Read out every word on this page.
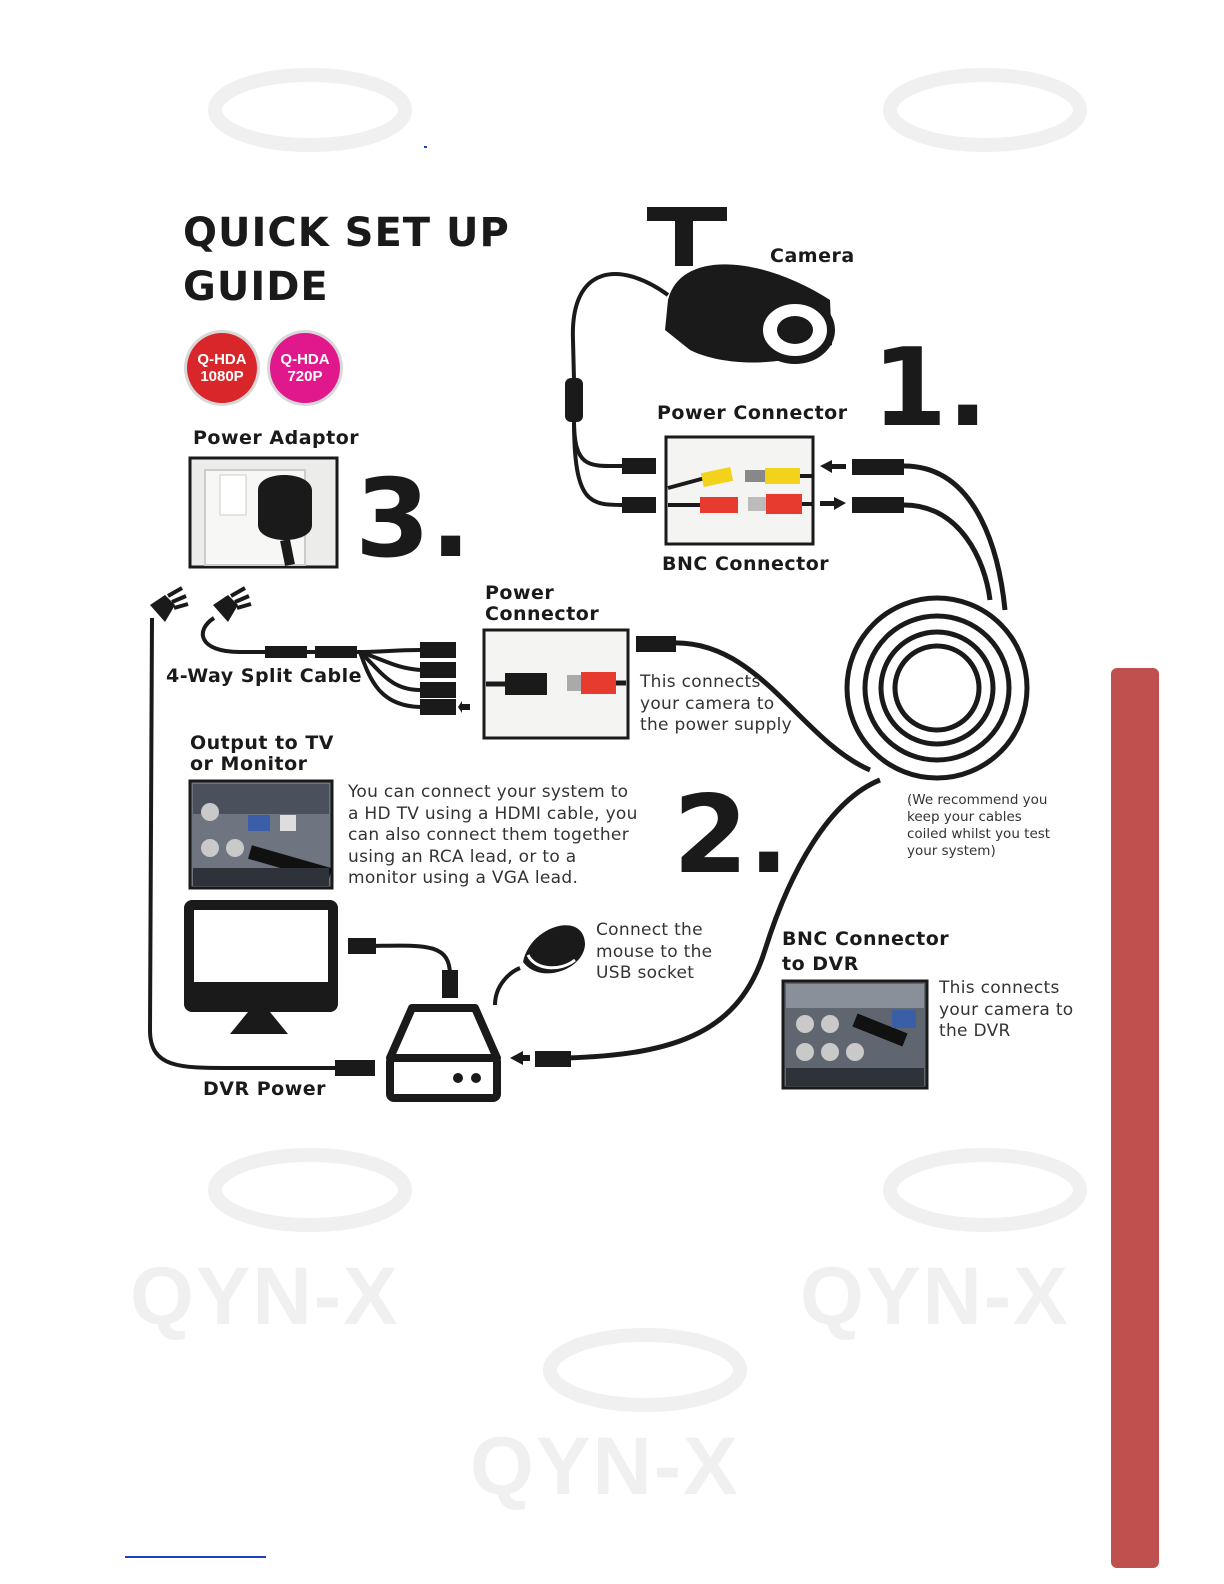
QYN-X	QYN-X
QYN-X
QUICK SET UP
GUIDE
Q-HDA
1080P
Q-HDA
720P	1.
3.
2.
Camera
Power Connector
BNC Connector
Power Adaptor
Power
Connector
4-Way Split Cable
Output to TV
or Monitor
BNC Connector
to DVR
DVR Power
This connects
your camera to
the power supply
You can connect your system to
a HD TV using a HDMI cable, you
can also connect them together
using an RCA lead, or to a
monitor using a VGA lead.
(We recommend you
keep your cables
coiled whilst you test
your system)
Connect the
mouse to the
USB socket
This connects
your camera to
the DVR
